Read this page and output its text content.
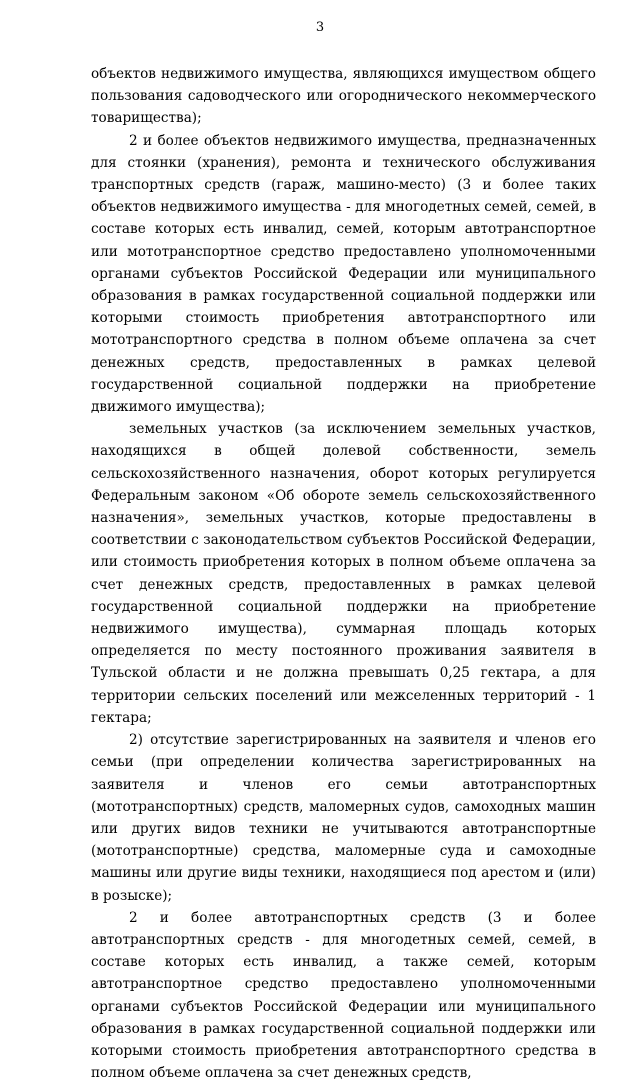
3

объектов недвижимого имущества, являющихся имуществом общего пользования садоводческого или огороднического некоммерческого товарищества);

2 и более объектов недвижимого имущества, предназначенных для стоянки (хранения), ремонта и технического обслуживания транспортных средств (гараж, машино-место) (3 и более таких объектов недвижимого имущества - для многодетных семей, семей, в составе которых есть инвалид, семей, которым автотранспортное или мототранспортное средство предоставлено уполномоченными органами субъектов Российской Федерации или муниципального образования в рамках государственной социальной поддержки или которыми стоимость приобретения автотранспортного или мототранспортного средства в полном объеме оплачена за счет денежных средств, предоставленных в рамках целевой государственной социальной поддержки на приобретение движимого имущества);

земельных участков (за исключением земельных участков, находящихся в общей долевой собственности, земель сельскохозяйственного назначения, оборот которых регулируется Федеральным законом «Об обороте земель сельскохозяйственного назначения», земельных участков, которые предоставлены в соответствии с законодательством субъектов Российской Федерации, или стоимость приобретения которых в полном объеме оплачена за счет денежных средств, предоставленных в рамках целевой государственной социальной поддержки на приобретение недвижимого имущества), суммарная площадь которых определяется по месту постоянного проживания заявителя в Тульской области и не должна превышать 0,25 гектара, а для территории сельских поселений или межселенных территорий - 1 гектара;

2) отсутствие зарегистрированных на заявителя и членов его семьи (при определении количества зарегистрированных на заявителя и членов его семьи автотранспортных (мототранспортных) средств, маломерных судов, самоходных машин или других видов техники не учитываются автотранспортные (мототранспортные) средства, маломерные суда и самоходные машины или другие виды техники, находящиеся под арестом и (или) в розыске);

2 и более автотранспортных средств (3 и более автотранспортных средств - для многодетных семей, семей, в составе которых есть инвалид, а также семей, которым автотранспортное средство предоставлено уполномоченными органами субъектов Российской Федерации или муниципального образования в рамках государственной социальной поддержки или которыми стоимость приобретения автотранспортного средства в полном объеме оплачена за счет денежных средств,
